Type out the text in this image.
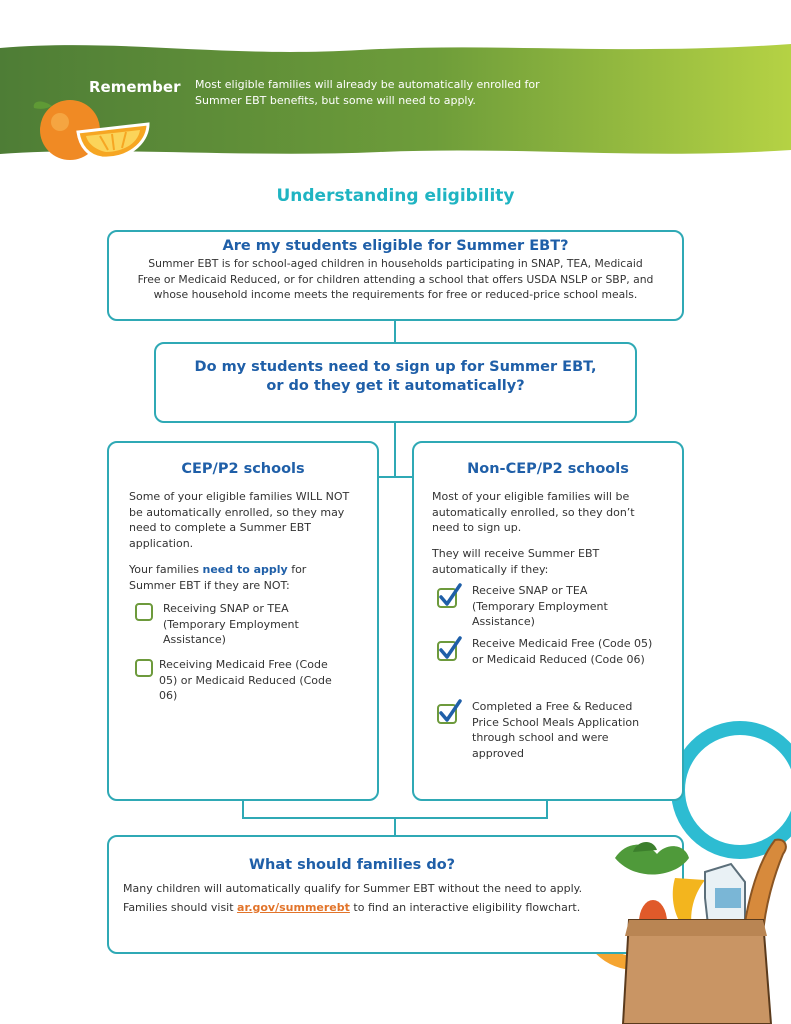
Remember Most eligible families will already be automatically enrolled for Summer EBT benefits, but some will need to apply.
Understanding eligibility
Are my students eligible for Summer EBT?
Summer EBT is for school-aged children in households participating in SNAP, TEA, Medicaid Free or Medicaid Reduced, or for children attending a school that offers USDA NSLP or SBP, and whose household income meets the requirements for free or reduced-price school meals.
Do my students need to sign up for Summer EBT,
or do they get it automatically?
CEP/P2 schools
Some of your eligible families WILL NOT be automatically enrolled, so they may need to complete a Summer EBT application.
Your families need to apply for Summer EBT if they are NOT:
Receiving SNAP or TEA (Temporary Employment Assistance)
Receiving Medicaid Free (Code 05) or Medicaid Reduced (Code 06)
Non-CEP/P2 schools
Most of your eligible families will be automatically enrolled, so they don’t need to sign up.
They will receive Summer EBT automatically if they:
Receive SNAP or TEA (Temporary Employment Assistance)
Receive Medicaid Free (Code 05) or Medicaid Reduced (Code 06)
Completed a Free & Reduced Price School Meals Application through school and were approved
What should families do?
Many children will automatically qualify for Summer EBT without the need to apply. Families should visit ar.gov/summerebt to find an interactive eligibility flowchart.
